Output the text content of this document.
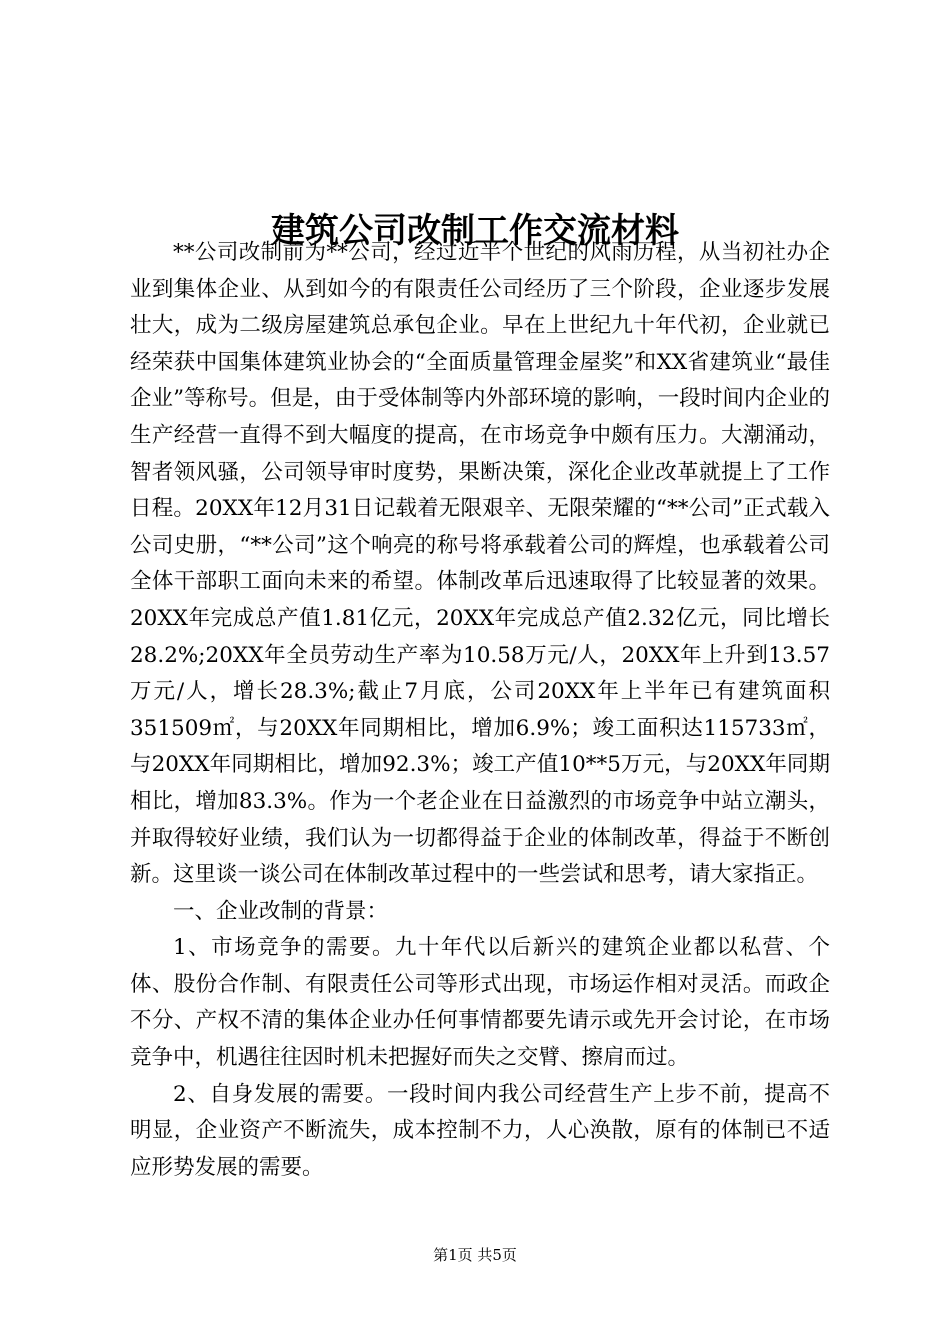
建筑公司改制工作交流材料

**公司改制前为**公司，经过近半个世纪的风雨历程，从当初社办企业到集体企业、从到如今的有限责任公司经历了三个阶段，企业逐步发展壮大，成为二级房屋建筑总承包企业。早在上世纪九十年代初，企业就已经荣获中国集体建筑业协会的“全面质量管理金屋奖”和XX省建筑业“最佳企业”等称号。但是，由于受体制等内外部环境的影响，一段时间内企业的生产经营一直得不到大幅度的提高，在市场竞争中颇有压力。大潮涌动，智者领风骚，公司领导审时度势，果断决策，深化企业改革就提上了工作日程。20XX年12月31日记载着无限艰辛、无限荣耀的“**公司”正式载入公司史册，“**公司”这个响亮的称号将承载着公司的辉煌，也承载着公司全体干部职工面向未来的希望。体制改革后迅速取得了比较显著的效果。20XX年完成总产值1.81亿元，20XX年完成总产值2.32亿元，同比增长28.2%;20XX年全员劳动生产率为10.58万元/人，20XX年上升到13.57万元/人，增长28.3%;截止7月底，公司20XX年上半年已有建筑面积351509㎡，与20XX年同期相比，增加6.9%；竣工面积达115733㎡，与20XX年同期相比，增加92.3%；竣工产值10**5万元，与20XX年同期相比，增加83.3%。作为一个老企业在日益激烈的市场竞争中站立潮头，并取得较好业绩，我们认为一切都得益于企业的体制改革，得益于不断创新。这里谈一谈公司在体制改革过程中的一些尝试和思考，请大家指正。

一、企业改制的背景：

1、市场竞争的需要。九十年代以后新兴的建筑企业都以私营、个体、股份合作制、有限责任公司等形式出现，市场运作相对灵活。而政企不分、产权不清的集体企业办任何事情都要先请示或先开会讨论，在市场竞争中，机遇往往因时机未把握好而失之交臂、擦肩而过。

2、自身发展的需要。一段时间内我公司经营生产上步不前，提高不明显，企业资产不断流失，成本控制不力，人心涣散，原有的体制已不适应形势发展的需要。

第1页 共5页
